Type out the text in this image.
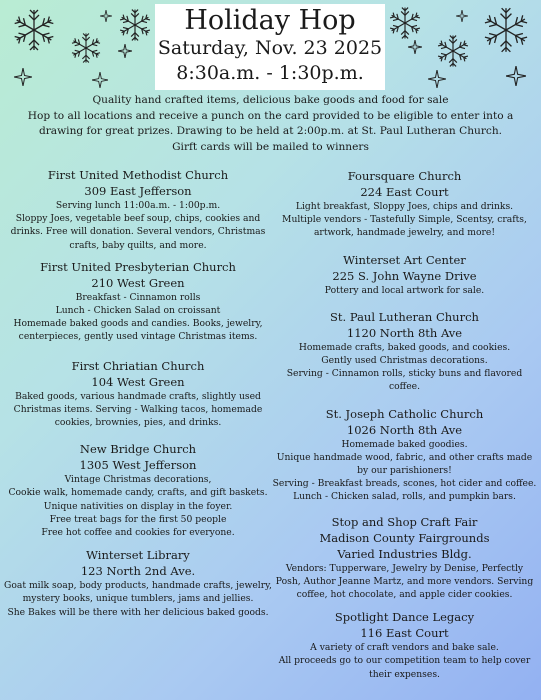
Holiday Hop
Saturday, Nov. 23 2025
8:30a.m. - 1:30p.m.
Quality hand crafted items, delicious bake goods and food for sale
Hop to all locations and receive a punch on the card provided to be eligible to enter into a drawing for great prizes. Drawing to be held at 2:00p.m. at St. Paul Lutheran Church.
Girft cards will be mailed to winners
First United Methodist Church
309 East Jefferson
Serving lunch 11:00a.m. - 1:00p.m.
Sloppy Joes, vegetable beef soup, chips, cookies and drinks. Free will donation. Several vendors, Christmas crafts, baby quilts, and more.
First United Presbyterian Church
210 West Green
Breakfast - Cinnamon rolls
Lunch - Chicken Salad on croissant
Homemade baked goods and candies. Books, jewelry, centerpieces, gently used vintage Christmas items.
First Chriatian Church
104 West Green
Baked goods, various handmade crafts, slightly used Christmas items. Serving - Walking tacos, homemade cookies, brownies, pies, and drinks.
New Bridge Church
1305 West Jefferson
Vintage Christmas decorations,
Cookie walk, homemade candy, crafts, and gift baskets.
Unique nativities on display in the foyer.
Free treat bags for the first 50 people
Free hot coffee and cookies for everyone.
Winterset Library
123 North 2nd Ave.
Goat milk soap, body products, handmade crafts, jewelry, mystery books, unique tumblers, jams and jellies.
She Bakes will be there with her delicious baked goods.
Foursquare Church
224 East Court
Light breakfast, Sloppy Joes, chips and drinks.
Multiple vendors - Tastefully Simple, Scentsy, crafts, artwork, handmade jewelry, and more!
Winterset Art Center
225 S. John Wayne Drive
Pottery and local artwork for sale.
St. Paul Lutheran Church
1120 North 8th Ave
Homemade crafts, baked goods, and cookies.
Gently used Christmas decorations.
Serving - Cinnamon rolls, sticky buns and flavored coffee.
St. Joseph Catholic Church
1026 North 8th Ave
Homemade baked goodies.
Unique handmade wood, fabric, and other crafts made by our parishioners!
Serving - Breakfast breads, scones, hot cider and coffee.
Lunch - Chicken salad, rolls, and pumpkin bars.
Stop and Shop Craft Fair
Madison County Fairgrounds
Varied Industries Bldg.
Vendors: Tupperware, Jewelry by Denise, Perfectly Posh, Author Jeanne Martz, and more vendors. Serving coffee, hot chocolate, and apple cider cookies.
Spotlight Dance Legacy
116 East Court
A variety of craft vendors and bake sale.
All proceeds go to our competition team to help cover their expenses.
